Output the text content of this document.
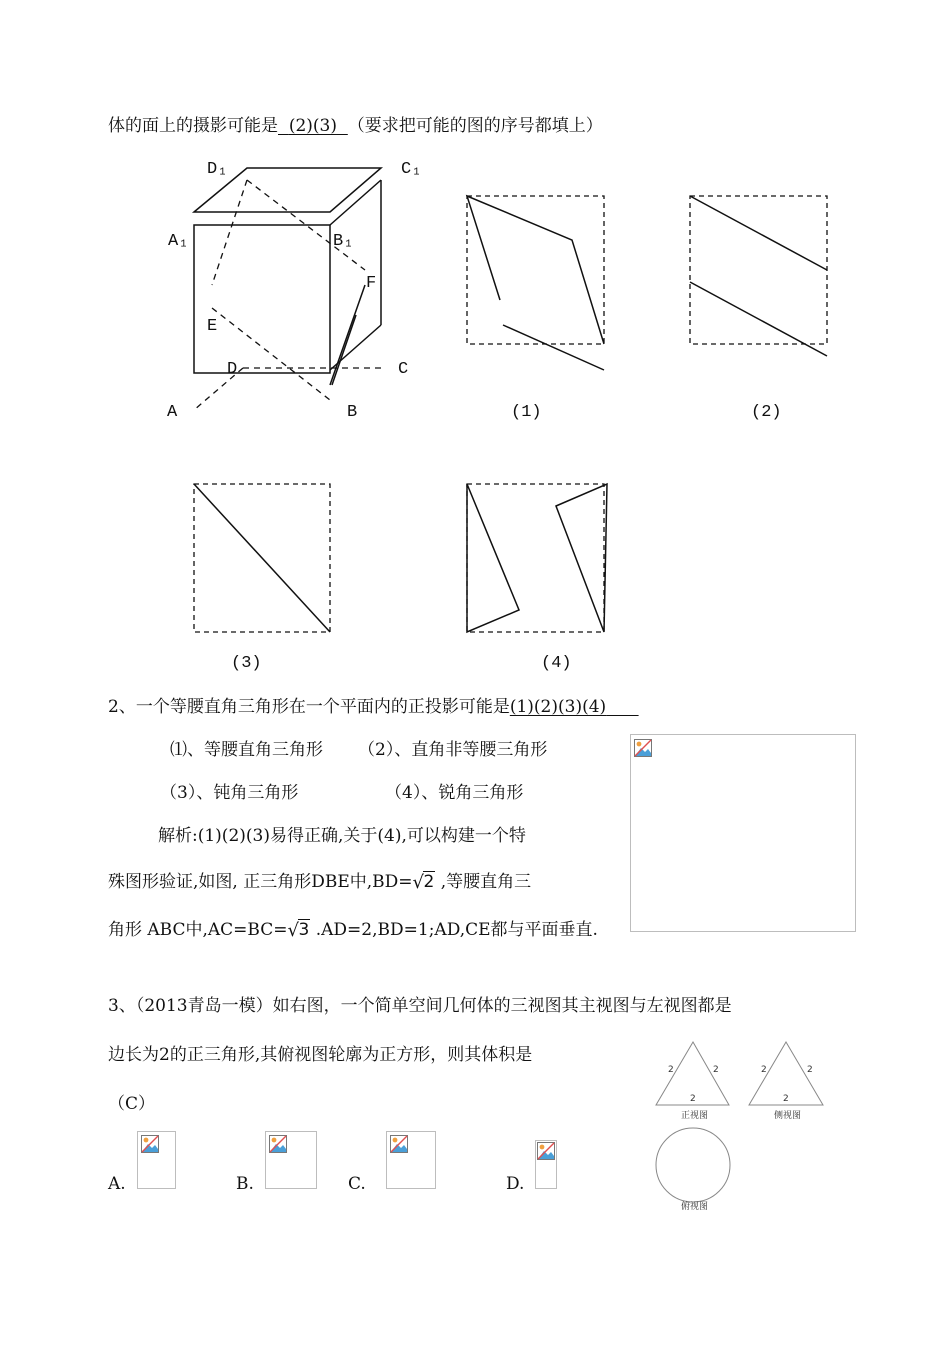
体的面上的摄影可能是 (2)(3) （要求把可能的图的序号都填上）
D₁	C₁
A₁	B₁
F
E
D	C
A	B	(1)	(2)
(3)	(4)
2、一个等腰直角三角形在一个平面内的正投影可能是(1)(2)(3)(4)
⑴、等腰直角三角形 （2）、直角非等腰三角形
（3）、钝角三角形	（4）、锐角三角形
解析:(1)(2)(3)易得正确,关于(4),可以构建一个特
殊图形验证,如图, 正三角形DBE中,BD= √ 2 ,等腰直角三
角形 ABC中,AC=BC= √ 3 .AD=2,BD=1;AD,CE都与平面垂直.
3、（2013青岛一模）如右图，一个简单空间几何体的三视图其主视图与左视图都是
边长为2的正三角形,其俯视图轮廓为正方形，则其体积是
（C）
2	2
2
正视图
2	2
2
侧视图
俯视图
A.	B.	C.	D.
